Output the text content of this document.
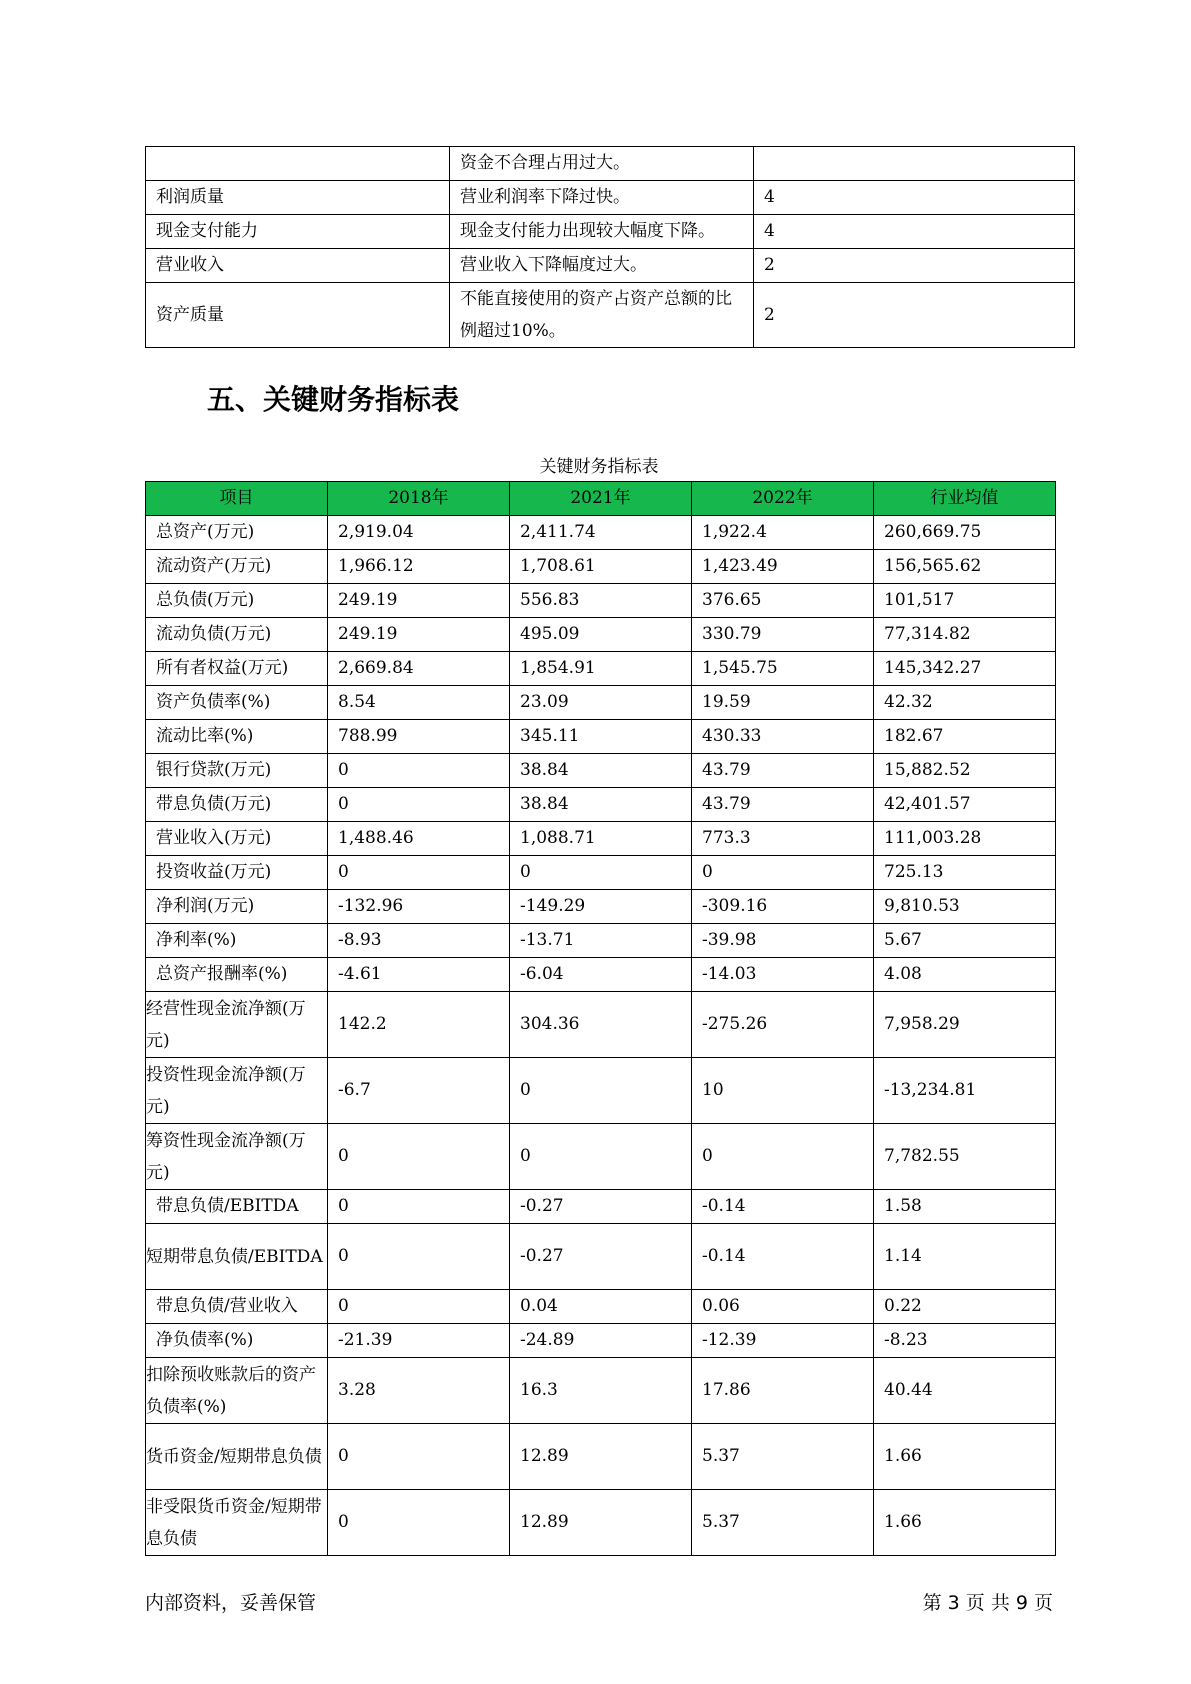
	资金不合理占用过大。	
利润质量	营业利润率下降过快。	4
现金支付能力	现金支付能力出现较大幅度下降。	4
营业收入	营业收入下降幅度过大。	2
资产质量	不能直接使用的资产占资产总额的比例超过10%。	2
五、关键财务指标表
关键财务指标表
项目	2018年	2021年	2022年	行业均值
总资产(万元)	2,919.04	2,411.74	1,922.4	260,669.75
流动资产(万元)	1,966.12	1,708.61	1,423.49	156,565.62
总负债(万元)	249.19	556.83	376.65	101,517
流动负债(万元)	249.19	495.09	330.79	77,314.82
所有者权益(万元)	2,669.84	1,854.91	1,545.75	145,342.27
资产负债率(%)	8.54	23.09	19.59	42.32
流动比率(%)	788.99	345.11	430.33	182.67
银行贷款(万元)	0	38.84	43.79	15,882.52
带息负债(万元)	0	38.84	43.79	42,401.57
营业收入(万元)	1,488.46	1,088.71	773.3	111,003.28
投资收益(万元)	0	0	0	725.13
净利润(万元)	-132.96	-149.29	-309.16	9,810.53
净利率(%)	-8.93	-13.71	-39.98	5.67
总资产报酬率(%)	-4.61	-6.04	-14.03	4.08
经营性现金流净额(万元)	142.2	304.36	-275.26	7,958.29
投资性现金流净额(万元)	-6.7	0	10	-13,234.81
筹资性现金流净额(万元)	0	0	0	7,782.55
带息负债/EBITDA	0	-0.27	-0.14	1.58
短期带息负债/EBITDA	0	-0.27	-0.14	1.14
带息负债/营业收入	0	0.04	0.06	0.22
净负债率(%)	-21.39	-24.89	-12.39	-8.23
扣除预收账款后的资产负债率(%)	3.28	16.3	17.86	40.44
货币资金/短期带息负债	0	12.89	5.37	1.66
非受限货币资金/短期带息负债	0	12.89	5.37	1.66
内部资料，妥善保管	第 3 页 共 9 页
